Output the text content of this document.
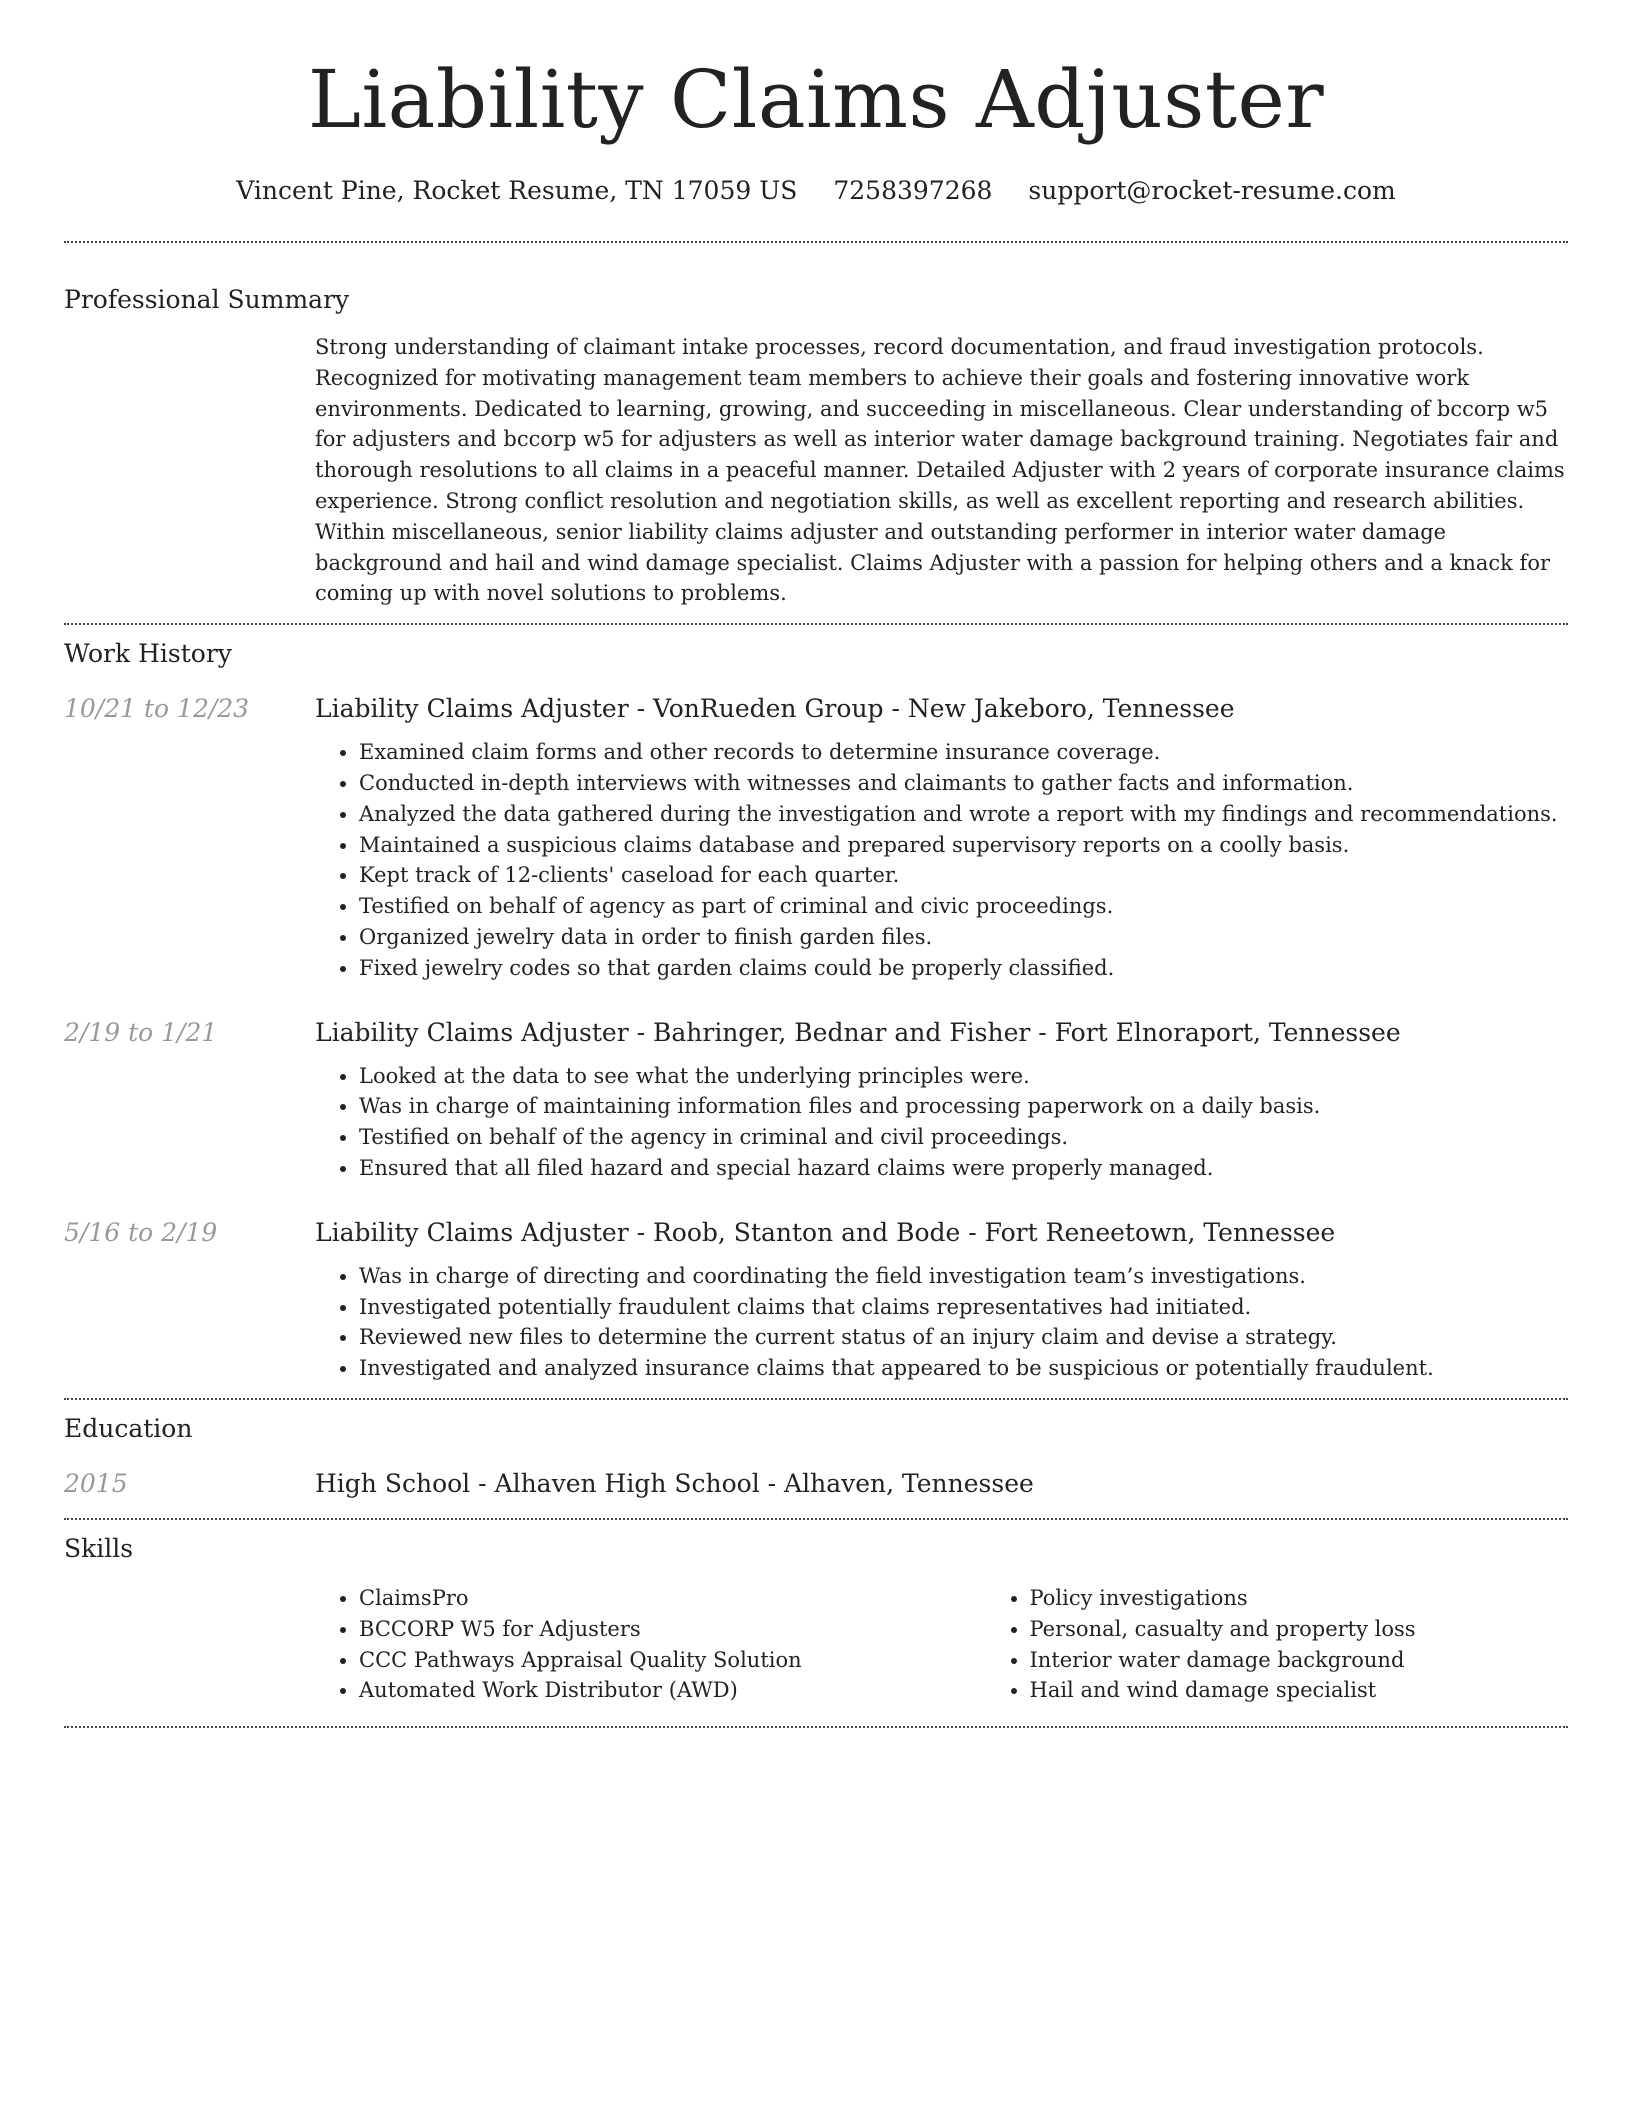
Liability Claims Adjuster
Vincent Pine, Rocket Resume, TN 17059 US 7258397268 support@rocket-resume.com
Professional Summary

Strong understanding of claimant intake processes, record documentation, and fraud investigation protocols. Recognized for motivating management team members to achieve their goals and fostering innovative work environments. Dedicated to learning, growing, and succeeding in miscellaneous. Clear understanding of bccorp w5 for adjusters and bccorp w5 for adjusters as well as interior water damage background training. Negotiates fair and thorough resolutions to all claims in a peaceful manner. Detailed Adjuster with 2 years of corporate insurance claims experience. Strong conflict resolution and negotiation skills, as well as excellent reporting and research abilities. Within miscellaneous, senior liability claims adjuster and outstanding performer in interior water damage background and hail and wind damage specialist. Claims Adjuster with a passion for helping others and a knack for coming up with novel solutions to problems.

Work History
10/21 to 12/23	Liability Claims Adjuster - VonRueden Group - New Jakeboro, Tennessee
• Examined claim forms and other records to determine insurance coverage.
• Conducted in-depth interviews with witnesses and claimants to gather facts and information.
• Analyzed the data gathered during the investigation and wrote a report with my findings and recommendations.
• Maintained a suspicious claims database and prepared supervisory reports on a coolly basis.
• Kept track of 12-clients' caseload for each quarter.
• Testified on behalf of agency as part of criminal and civic proceedings.
• Organized jewelry data in order to finish garden files.
• Fixed jewelry codes so that garden claims could be properly classified.
2/19 to 1/21	Liability Claims Adjuster - Bahringer, Bednar and Fisher - Fort Elnoraport, Tennessee
• Looked at the data to see what the underlying principles were.
• Was in charge of maintaining information files and processing paperwork on a daily basis.
• Testified on behalf of the agency in criminal and civil proceedings.
• Ensured that all filed hazard and special hazard claims were properly managed.
5/16 to 2/19	Liability Claims Adjuster - Roob, Stanton and Bode - Fort Reneetown, Tennessee
• Was in charge of directing and coordinating the field investigation team’s investigations.
• Investigated potentially fraudulent claims that claims representatives had initiated.
• Reviewed new files to determine the current status of an injury claim and devise a strategy.
• Investigated and analyzed insurance claims that appeared to be suspicious or potentially fraudulent.
Education
2015	High School - Alhaven High School - Alhaven, Tennessee
Skills
• ClaimsPro
• BCCORP W5 for Adjusters
• CCC Pathways Appraisal Quality Solution
• Automated Work Distributor (AWD)
• Policy investigations
• Personal, casualty and property loss
• Interior water damage background
• Hail and wind damage specialist
